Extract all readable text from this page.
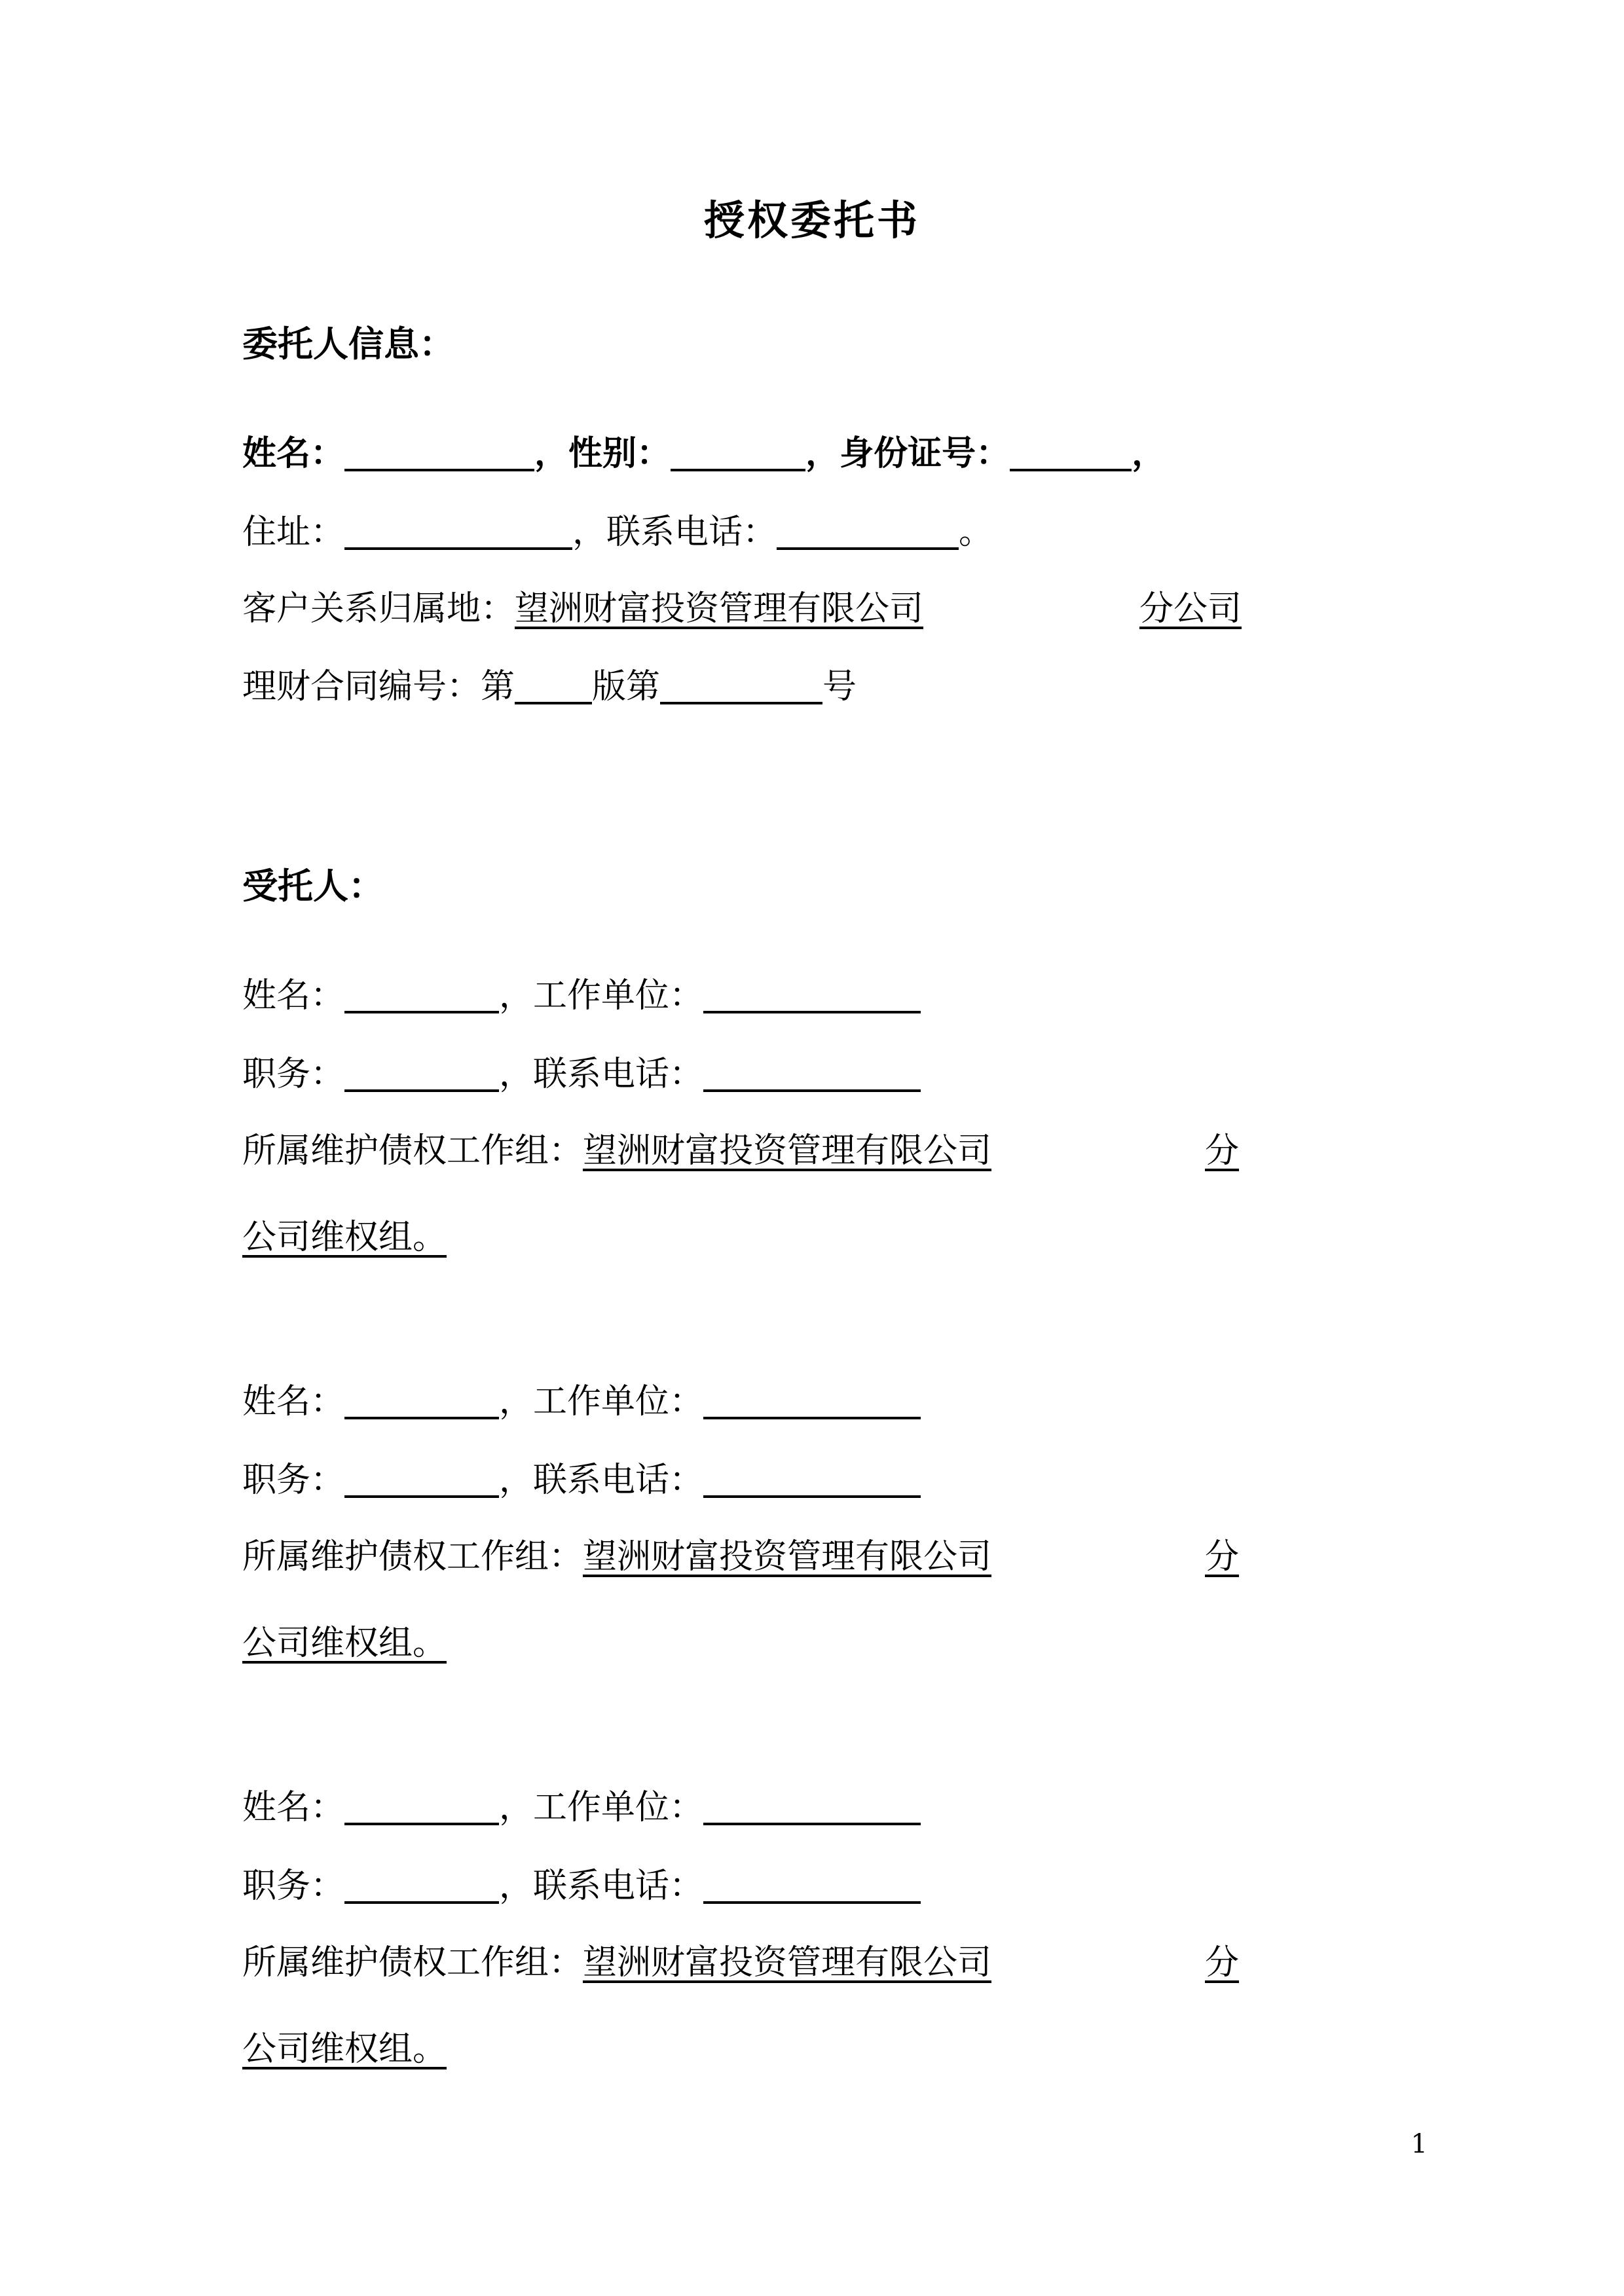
授权委托书
委托人信息：
姓名：	，性别：	，身份证号：	，
住址：	，联系电话：	。
客户关系归属地：望洲财富投资管理有限公司	分公司
理财合同编号：第 版第	号
受托人：
姓名：	，工作单位：
职务：	，联系电话：
所属维护债权工作组：望洲财富投资管理有限公司	分
公司维权组。
姓名：	，工作单位：
职务：	，联系电话：
所属维护债权工作组：望洲财富投资管理有限公司	分
公司维权组。
姓名：	，工作单位：
职务：	，联系电话：
所属维护债权工作组：望洲财富投资管理有限公司	分
公司维权组。
1
